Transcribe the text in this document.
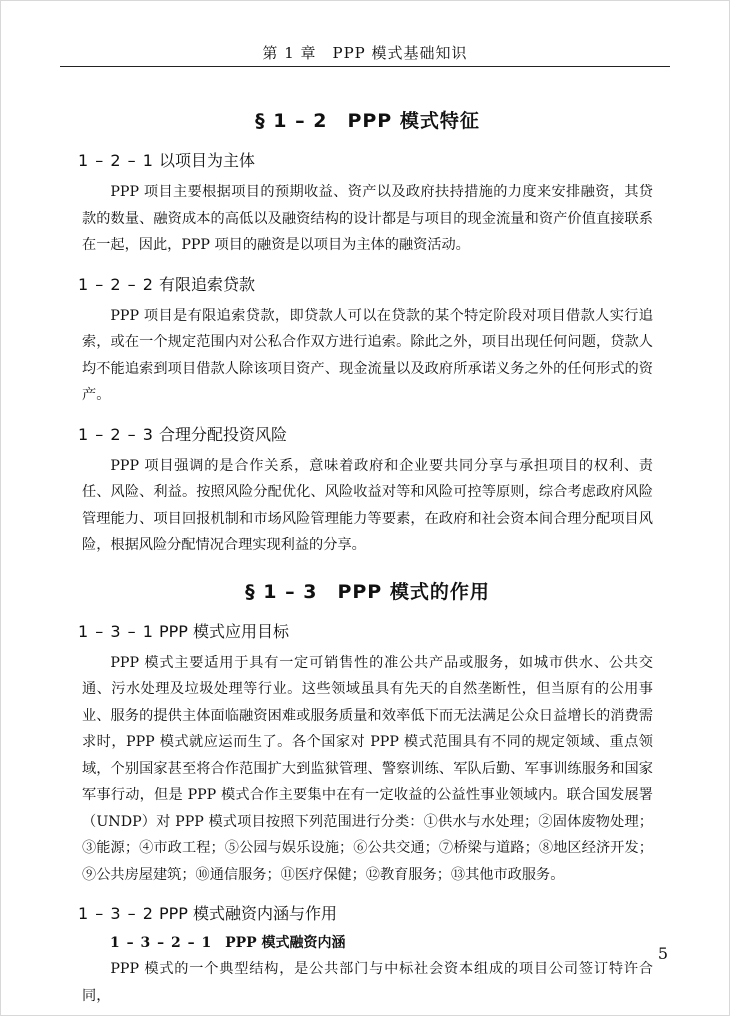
第 1 章　PPP 模式基础知识
§ 1 – 2　PPP 模式特征
1 – 2 – 1 以项目为主体

PPP 项目主要根据项目的预期收益、资产以及政府扶持措施的力度来安排融资，其贷款的数量、融资成本的高低以及融资结构的设计都是与项目的现金流量和资产价值直接联系在一起，因此，PPP 项目的融资是以项目为主体的融资活动。

1 – 2 – 2 有限追索贷款

PPP 项目是有限追索贷款，即贷款人可以在贷款的某个特定阶段对项目借款人实行追索，或在一个规定范围内对公私合作双方进行追索。除此之外，项目出现任何问题，贷款人均不能追索到项目借款人除该项目资产、现金流量以及政府所承诺义务之外的任何形式的资产。

1 – 2 – 3 合理分配投资风险

PPP 项目强调的是合作关系，意味着政府和企业要共同分享与承担项目的权利、责任、风险、利益。按照风险分配优化、风险收益对等和风险可控等原则，综合考虑政府风险管理能力、项目回报机制和市场风险管理能力等要素，在政府和社会资本间合理分配项目风险，根据风险分配情况合理实现利益的分享。

§ 1 – 3　PPP 模式的作用
1 – 3 – 1 PPP 模式应用目标

PPP 模式主要适用于具有一定可销售性的准公共产品或服务，如城市供水、公共交通、污水处理及垃圾处理等行业。这些领域虽具有先天的自然垄断性，但当原有的公用事业、服务的提供主体面临融资困难或服务质量和效率低下而无法满足公众日益增长的消费需求时，PPP 模式就应运而生了。各个国家对 PPP 模式范围具有不同的规定领域、重点领域，个别国家甚至将合作范围扩大到监狱管理、警察训练、军队后勤、军事训练服务和国家军事行动，但是 PPP 模式合作主要集中在有一定收益的公益性事业领域内。联合国发展署（UNDP）对 PPP 模式项目按照下列范围进行分类：①供水与水处理；②固体废物处理；③能源；④市政工程；⑤公园与娱乐设施；⑥公共交通；⑦桥梁与道路；⑧地区经济开发；⑨公共房屋建筑；⑩通信服务；⑪医疗保健；⑫教育服务；⑬其他市政服务。

1 – 3 – 2 PPP 模式融资内涵与作用
1 – 3 – 2 – 1 PPP 模式融资内涵

PPP 模式的一个典型结构，是公共部门与中标社会资本组成的项目公司签订特许合同，

5
